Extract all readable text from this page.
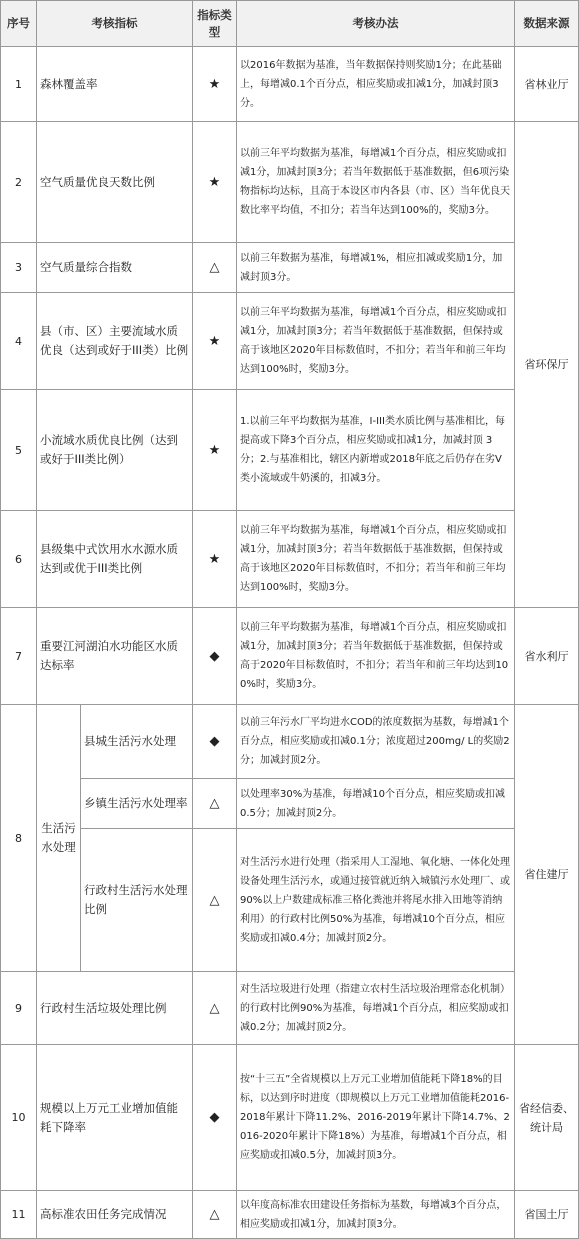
序号	考核指标		指标类型	考核办法	数据来源
1	森林覆盖率		★	以2016年数据为基准，当年数据保持则奖励1分；在此基础上，每增减0.1个百分点，相应奖励或扣减1分，加减封顶3分。	省林业厅
2	空气质量优良天数比例		★	以前三年平均数据为基准，每增减1个百分点，相应奖励或扣减1分，加减封顶3分；若当年数据低于基准数据，但6项污染物指标均达标，且高于本设区市内各县（市、区）当年优良天数比率平均值，不扣分；若当年达到100%的，奖励3分。	省环保厅
3	空气质量综合指数		△	以前三年数据为基准，每增减1%，相应扣减或奖励1分，加减封顶3分。	
4	县（市、区）主要流域水质优良（达到或好于III类）比例		★	以前三年平均数据为基准，每增减1个百分点，相应奖励或扣减1分，加减封顶3分；若当年数据低于基准数据，但保持或高于该地区2020年目标数值时，不扣分；若当年和前三年均达到100%时，奖励3分。	
5	小流域水质优良比例（达到或好于III类比例）		★	1.以前三年平均数据为基准，I-III类水质比例与基准相比，每提高或下降3个百分点，相应奖励或扣减1分，加减封顶 3分；2.与基准相比，辖区内新增或2018年底之后仍存在劣V类小流域或牛奶溪的，扣减3分。	
6	县级集中式饮用水水源水质达到或优于III类比例		★	以前三年平均数据为基准，每增减1个百分点，相应奖励或扣减1分，加减封顶3分；若当年数据低于基准数据，但保持或高于该地区2020年目标数值时，不扣分；若当年和前三年均达到100%时，奖励3分。	
7	重要江河湖泊水功能区水质达标率		◆	以前三年平均数据为基准，每增减1个百分点，相应奖励或扣减1分，加减封顶3分；若当年数据低于基准数据，但保持或高于2020年目标数值时，不扣分；若当年和前三年均达到100%时，奖励3分。	省水利厅
8	生活污水处理	县城生活污水处理	◆	以前三年污水厂平均进水COD的浓度数据为基数，每增减1个百分点，相应奖励或扣减0.1分；浓度超过200mg/ L的奖励2分；加减封顶2分。	省住建厅
		乡镇生活污水处理率	△	以处理率30%为基准，每增减10个百分点，相应奖励或扣减0.5分；加减封顶2分。	
		行政村生活污水处理比例	△	对生活污水进行处理（指采用人工湿地、氧化塘、一体化处理设备处理生活污水，或通过接管就近纳入城镇污水处理厂、或90%以上户数建成标准三格化粪池并将尾水排入田地等消纳利用）的行政村比例50%为基准，每增减10个百分点，相应奖励或扣减0.4分；加减封顶2分。	
9	行政村生活垃圾处理比例		△	对生活垃圾进行处理（指建立农村生活垃圾治理常态化机制）的行政村比例90%为基准，每增减1个百分点，相应奖励或扣减0.2分；加减封顶2分。	
10	规模以上万元工业增加值能耗下降率		◆	按“十三五”全省规模以上万元工业增加值能耗下降18%的目标，以达到序时进度（即规模以上万元工业增加值能耗2016-2018年累计下降11.2%、2016-2019年累计下降14.7%、2016-2020年累计下降18%）为基准，每增减1个百分点，相应奖励或扣减0.5分，加减封顶3分。	省经信委、统计局
11	高标准农田任务完成情况		△	以年度高标准农田建设任务指标为基数，每增减3个百分点，相应奖励或扣减1分，加减封顶3分。	省国土厅
